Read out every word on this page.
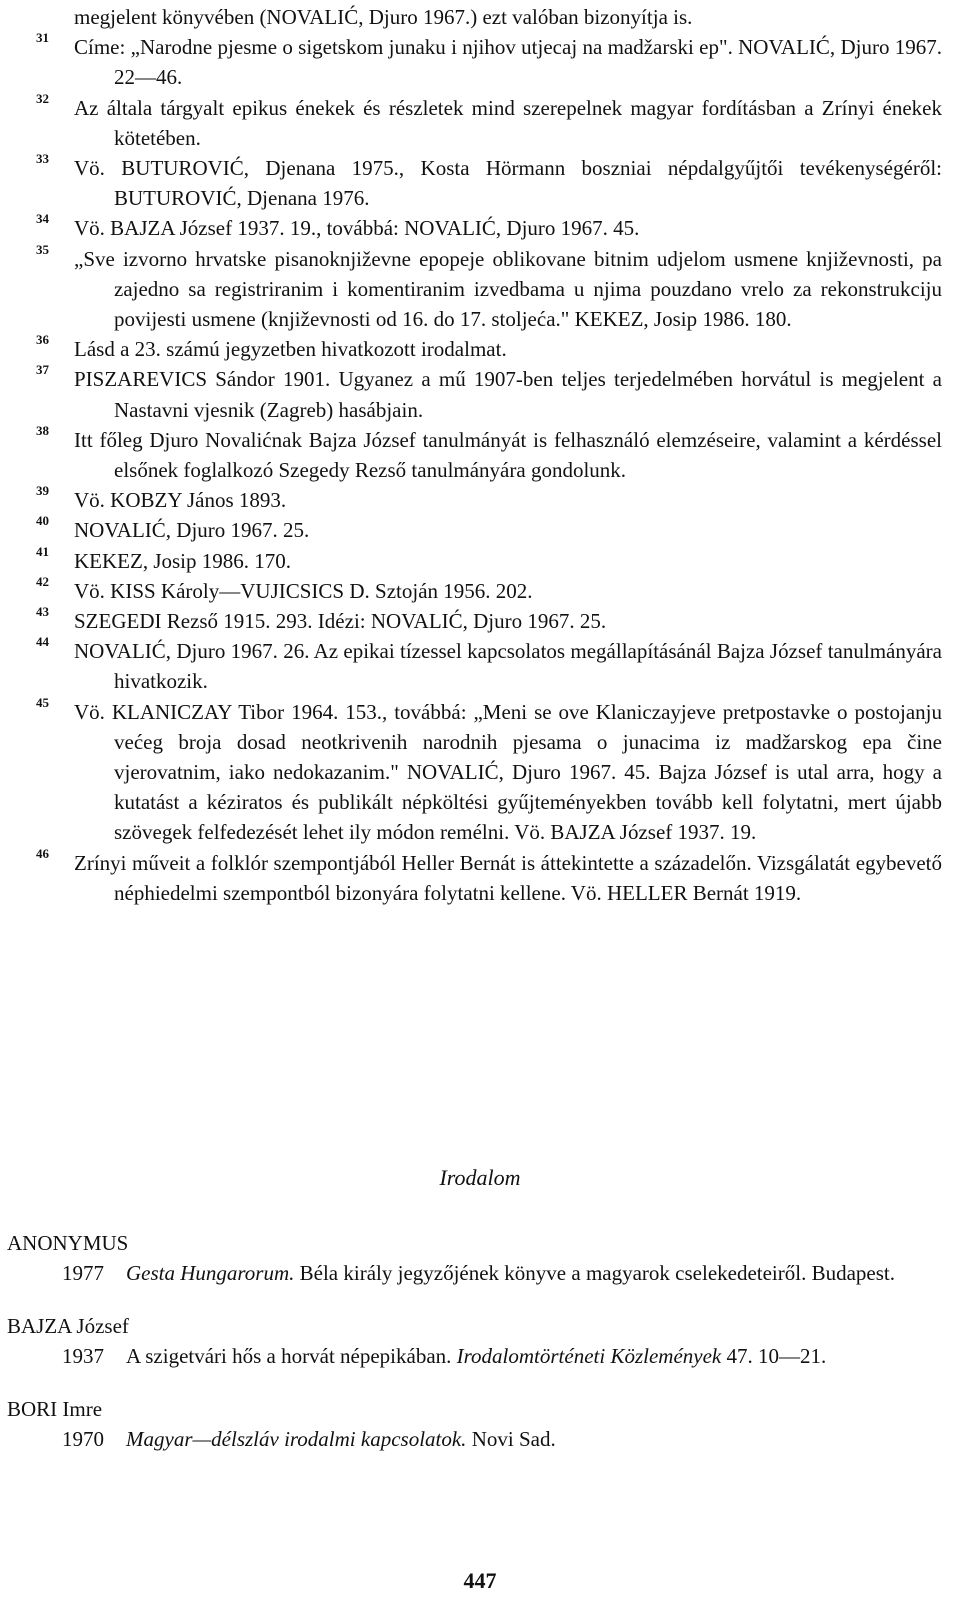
megjelent könyvében (NOVALIĆ, Djuro 1967.) ezt valóban bizonyítja is.

31	Címe: „Narodne pjesme o sigetskom junaku i njihov utjecaj na madžarski ep". NOVALIĆ, Djuro 1967. 22—46.

32	Az általa tárgyalt epikus énekek és részletek mind szerepelnek magyar fordításban a Zrínyi énekek kötetében.

33	Vö. BUTUROVIĆ, Djenana 1975., Kosta Hörmann boszniai népdalgyűjtői tevékenységéről: BUTUROVIĆ, Djenana 1976.

34	Vö. BAJZA József 1937. 19., továbbá: NOVALIĆ, Djuro 1967. 45.

35	„Sve izvorno hrvatske pisanoknjiževne epopeje oblikovane bitnim udjelom usmene književnosti, pa zajedno sa registriranim i komentiranim izvedbama u njima pouzdano vrelo za rekonstrukciju povijesti usmene (književnosti od 16. do 17. stoljeća." KEKEZ, Josip 1986. 180.

36	Lásd a 23. számú jegyzetben hivatkozott irodalmat.

37	PISZAREVICS Sándor 1901. Ugyanez a mű 1907-ben teljes terjedelmében horvátul is megjelent a Nastavni vjesnik (Zagreb) hasábjain.

38	Itt főleg Djuro Novalićnak Bajza József tanulmányát is felhasználó elemzéseire, valamint a kérdéssel elsőnek foglalkozó Szegedy Rezső tanulmányára gondolunk.

39	Vö. KOBZY János 1893.

40	NOVALIĆ, Djuro 1967. 25.

41	KEKEZ, Josip 1986. 170.

42	Vö. KISS Károly—VUJICSICS D. Sztoján 1956. 202.

43	SZEGEDI Rezső 1915. 293. Idézi: NOVALIĆ, Djuro 1967. 25.

44	NOVALIĆ, Djuro 1967. 26. Az epikai tízessel kapcsolatos megállapításánál Bajza József tanulmányára hivatkozik.

45	Vö. KLANICZAY Tibor 1964. 153., továbbá: „Meni se ove Klaniczayjeve pretpostavke o postojanju većeg broja dosad neotkrivenih narodnih pjesama o junacima iz madžarskog epa čine vjerovatnim, iako nedokazanim." NOVALIĆ, Djuro 1967. 45. Bajza József is utal arra, hogy a kutatást a kéziratos és publikált népköltési gyűjteményekben tovább kell folytatni, mert újabb szövegek felfedezését lehet ily módon remélni. Vö. BAJZA József 1937. 19.

46	Zrínyi műveit a folklór szempontjából Heller Bernát is áttekintette a századelőn. Vizsgálatát egybevető néphiedelmi szempontból bizonyára folytatni kellene. Vö. HELLER Bernát 1919.

Irodalom
ANONYMUS
1977 Gesta Hungarorum. Béla király jegyzőjének könyve a magyarok cselekedeteiről. Budapest.
BAJZA József
1937 A szigetvári hős a horvát népepikában. Irodalomtörténeti Közlemények 47. 10—21.
BORI Imre
1970 Magyar—délszláv irodalmi kapcsolatok. Novi Sad.
447
